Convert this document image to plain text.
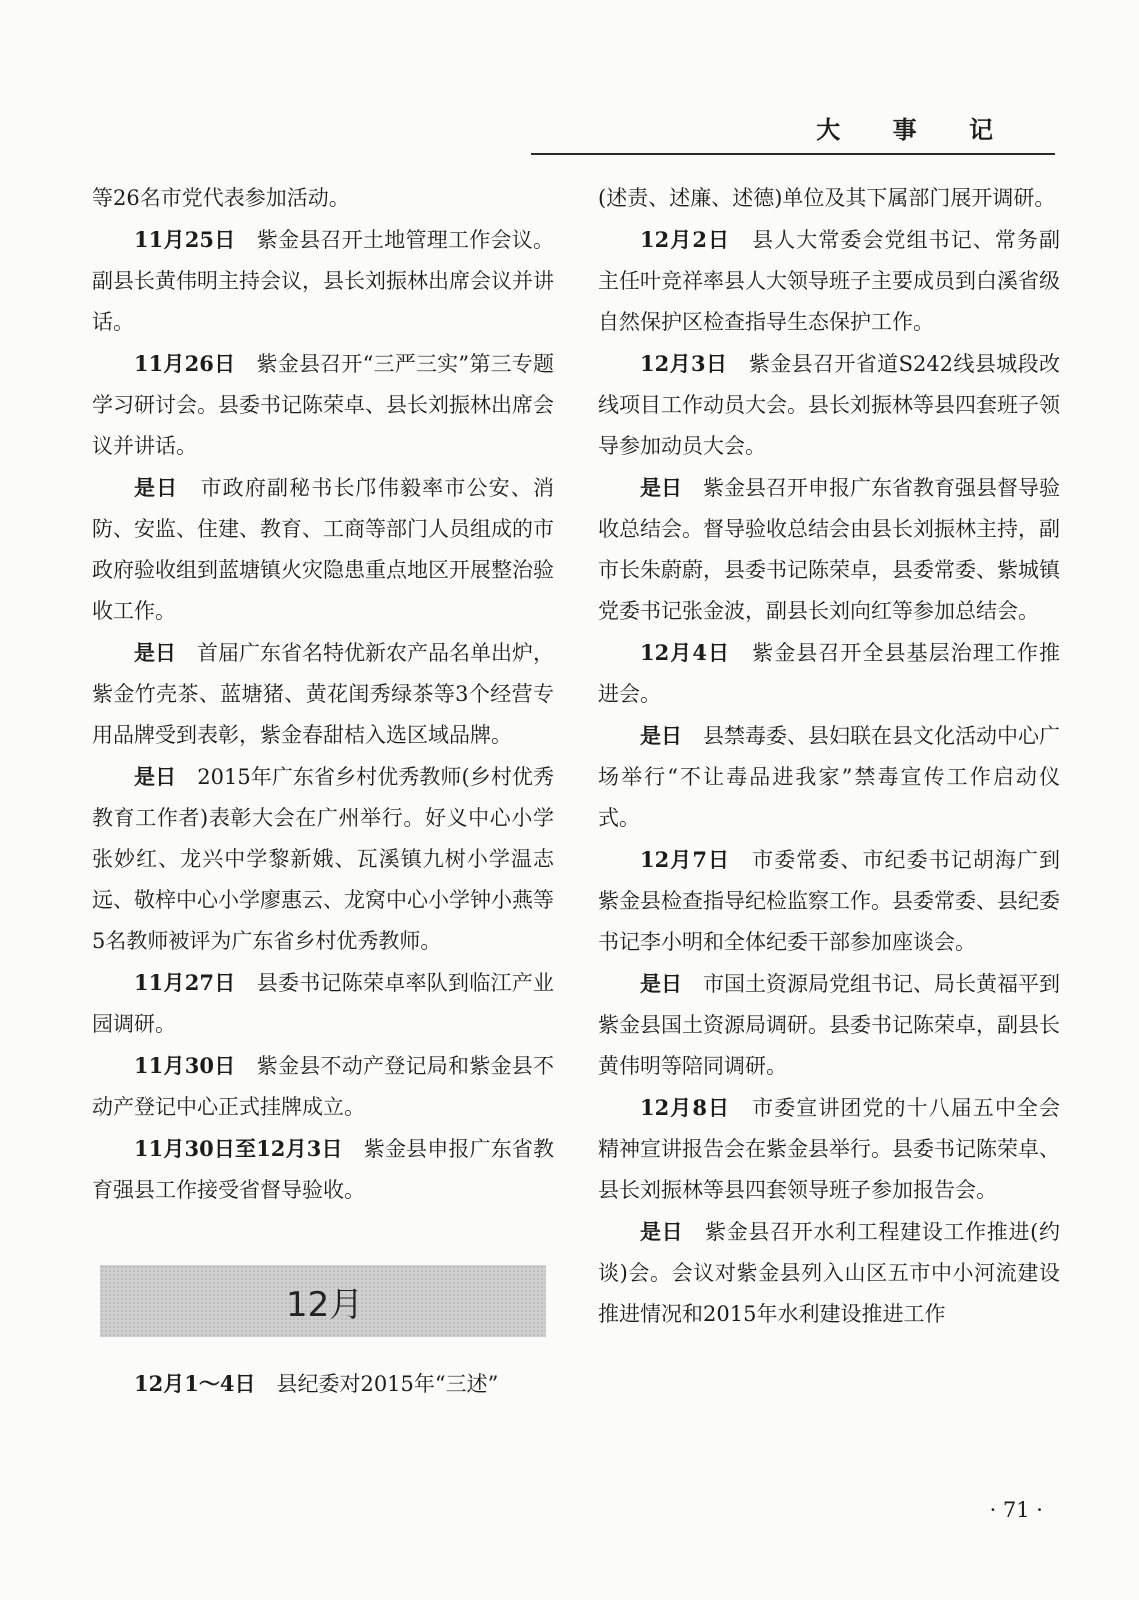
大 事 记

等26名市党代表参加活动。

11月25日　紫金县召开土地管理工作会议。副县长黄伟明主持会议，县长刘振林出席会议并讲话。

11月26日　紫金县召开“三严三实”第三专题学习研讨会。县委书记陈荣卓、县长刘振林出席会议并讲话。

是日　市政府副秘书长邝伟毅率市公安、消防、安监、住建、教育、工商等部门人员组成的市政府验收组到蓝塘镇火灾隐患重点地区开展整治验收工作。

是日　首届广东省名特优新农产品名单出炉，紫金竹壳茶、蓝塘猪、黄花闺秀绿茶等3个经营专用品牌受到表彰，紫金春甜桔入选区域品牌。

是日　2015年广东省乡村优秀教师(乡村优秀教育工作者)表彰大会在广州举行。好义中心小学张妙红、龙兴中学黎新娥、瓦溪镇九树小学温志远、敬梓中心小学廖惠云、龙窝中心小学钟小燕等5名教师被评为广东省乡村优秀教师。

11月27日　县委书记陈荣卓率队到临江产业园调研。

11月30日　紫金县不动产登记局和紫金县不动产登记中心正式挂牌成立。

11月30日至12月3日　紫金县申报广东省教育强县工作接受省督导验收。

12月

12月1～4日　县纪委对2015年“三述”

(述责、述廉、述德)单位及其下属部门展开调研。

12月2日　县人大常委会党组书记、常务副主任叶竞祥率县人大领导班子主要成员到白溪省级自然保护区检查指导生态保护工作。

12月3日　紫金县召开省道S242线县城段改线项目工作动员大会。县长刘振林等县四套班子领导参加动员大会。

是日　紫金县召开申报广东省教育强县督导验收总结会。督导验收总结会由县长刘振林主持，副市长朱蔚蔚，县委书记陈荣卓，县委常委、紫城镇党委书记张金波，副县长刘向红等参加总结会。

12月4日　紫金县召开全县基层治理工作推进会。

是日　县禁毒委、县妇联在县文化活动中心广场举行“不让毒品进我家”禁毒宣传工作启动仪式。

12月7日　市委常委、市纪委书记胡海广到紫金县检查指导纪检监察工作。县委常委、县纪委书记李小明和全体纪委干部参加座谈会。

是日　市国土资源局党组书记、局长黄福平到紫金县国土资源局调研。县委书记陈荣卓，副县长黄伟明等陪同调研。

12月8日　市委宣讲团党的十八届五中全会精神宣讲报告会在紫金县举行。县委书记陈荣卓、县长刘振林等县四套领导班子参加报告会。

是日　紫金县召开水利工程建设工作推进(约谈)会。会议对紫金县列入山区五市中小河流建设推进情况和2015年水利建设推进工作

· 71 ·
